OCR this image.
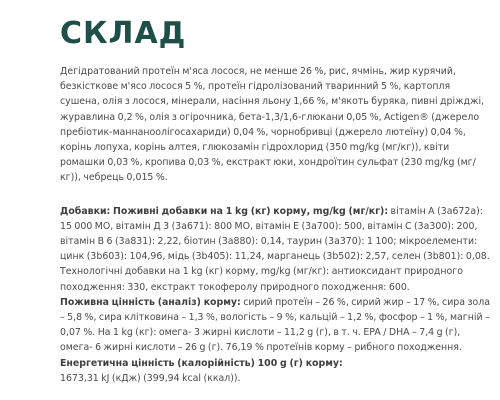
СКЛАД

Дегідратований протеїн м'яса лосося, не менше 26 %, рис, ячмінь, жир курячий, безкісткове м'ясо лосося 5 %, протеїн гідролізований тваринний 5 %, картопля сушена, олія з лосося, мінерали, насіння льону 1,66 %, м'якоть буряка, пивні дріжджі, журавлина 0,2 %, олія з огірочника, бета-1,3/1,6-глюкани 0,05 %, Actigen® (джерело пребіотик-маннаноолігосахариди) 0,04 %, чорнобривці (джерело лютеїну) 0,04 %, корінь лопуха, корінь алтея, глюкозамін гідрохлорид (350 mg/kg (мг/кг)), квіти ромашки 0,03 %, кропива 0,03 %, екстракт юки, хондроїтин сульфат (230 mg/kg (мг/кг)), чебрець 0,015 %.

Добавки: Поживні добавки на 1 kg (кг) корму, mg/kg (мг/кг): вітамін А (3а672а): 15 000 МО, вітамін Д 3 (3а671): 800 МО, вітамін Е (3а700): 500, вітамін С (3а300): 200, вітамін В 6 (3а831): 2,22, біотин (3а880): 0,14, таурин (3а370): 1 100; мікроелементи: цинк (3b603): 104,96, мідь (3b405): 11,24, марганець (3b502): 2,57, селен (3b801): 0,08. Технологічні добавки на 1 kg (кг) корму, mg/kg (мг/кг): антиоксидант природного походження: 330, екстракт токоферолу природного походження: 600.

Поживна цінність (аналіз) корму: сирий протеїн – 26 %, сирий жир – 17 %, сира зола – 5,8 %, сира клітковина – 1,3 %, вологість – 9 %, кальцій – 1,2 %, фосфор – 1 %, магній – 0,07 %. На 1 kg (кг): омега- 3 жирні кислоти – 11,2 g (г), в т. ч. EPA / DHA – 7,4 g (г), омега- 6 жирні кислоти – 26 g (г). 76,19 % протеїнів корму – рибного походження.

Енергетична цінність (калорійність) 100 g (г) корму:
1673,31 kJ (кДж) (399,94 kcal (ккал)).
